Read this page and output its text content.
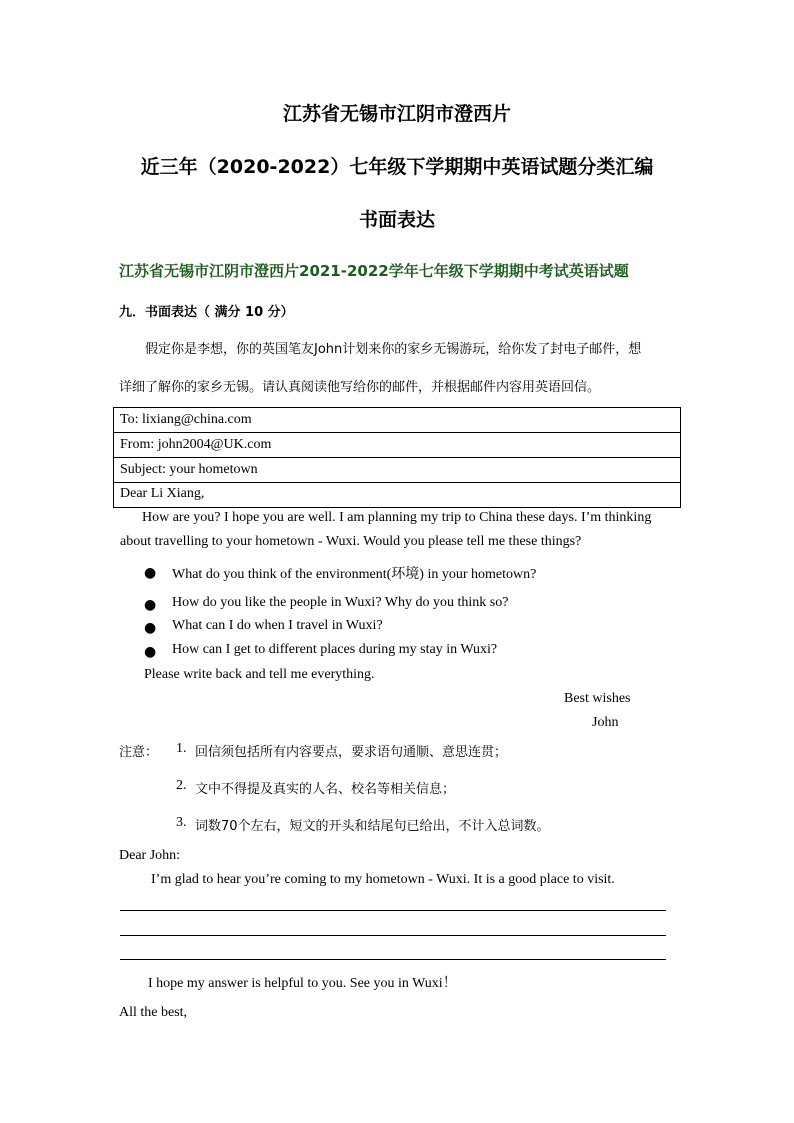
江苏省无锡市江阴市澄西片
近三年（2020-2022）七年级下学期期中英语试题分类汇编
书面表达
江苏省无锡市江阴市澄西片2021-2022学年七年级下学期期中考试英语试题
九．书面表达（ 满分 10 分）
假定你是李想，你的英国笔友John计划来你的家乡无锡游玩，给你发了封电子邮件，想
详细了解你的家乡无锡。请认真阅读他写给你的邮件，并根据邮件内容用英语回信。
To: lixiang@china.com
From: john2004@UK.com
Subject: your hometown

Dear Li Xiang,
How are you? I hope you are well. I am planning my trip to China these days. I’m thinking
about travelling to your hometown - Wuxi. Would you please tell me these things?
● What do you think of the environment(环境) in your hometown?
● How do you like the people in Wuxi? Why do you think so?
● What can I do when I travel in Wuxi?
● How can I get to different places during my stay in Wuxi?
Please write back and tell me everything.
Best wishes
John
注意： 1. 回信须包括所有内容要点，要求语句通顺、意思连贯；
2. 文中不得提及真实的人名、校名等相关信息；
3. 词数70个左右，短文的开头和结尾句已给出，不计入总词数。
Dear John:
I’m glad to hear you’re coming to my hometown - Wuxi. It is a good place to visit.
I hope my answer is helpful to you. See you in Wuxi！
All the best,
